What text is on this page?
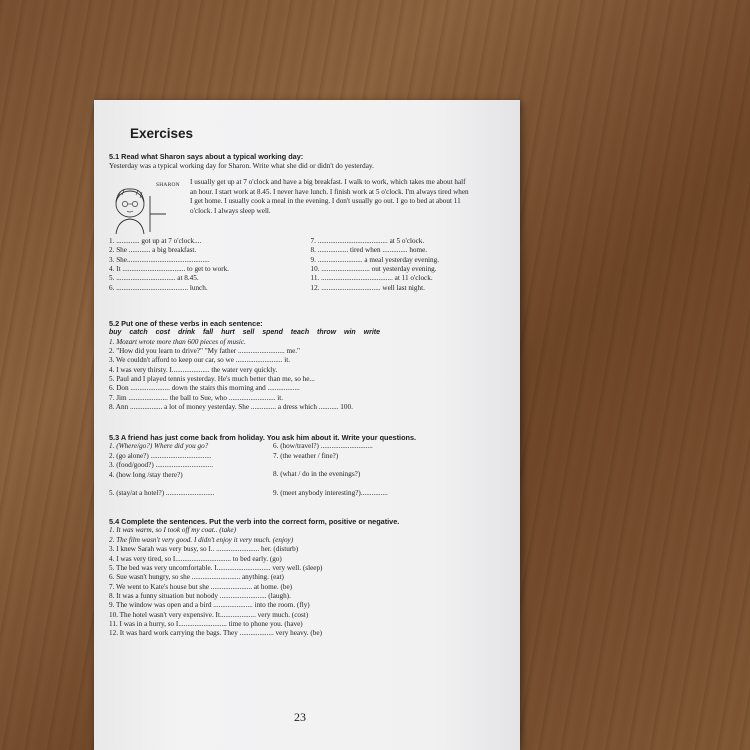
Exercises
5.1 Read what Sharon says about a typical working day:
Yesterday was a typical working day for Sharon. Write what she did or didn't do yesterday.
SHARON I usually get up at 7 o'clock and have a big breakfast. I walk to work, which takes me about half an hour. I start work at 8.45. I never have lunch. I finish work at 5 o'clock. I'm always tired when I get home. I usually cook a meal in the evening. I don't usually go out. I go to bed at about 11 o'clock. I always sleep well.
1. ............. got up at 7 o'clock....
2. She ............ a big breakfast.
3. She..............................................
4. It ................................... to get to work.
5. ................................. at 8.45.
6. ........................................ lunch.
7. ....................................... at 5 o'clock.
8. ................. tired when .............. home.
9. ......................... a meal yesterday evening.
10. ........................... out yesterday evening.
11. ........................................ at 11 o'clock.
12. ................................. well last night.
5.2 Put one of these verbs in each sentence:
buy catch cost drink fall hurt sell spend teach throw win write
1. Mozart wrote more than 600 pieces of music.
2. "How did you learn to drive?" "My father .......................... me."
3. We couldn't afford to keep our car, so we .......................... it.
4. I was very thirsty. I..................... the water very quickly.
5. Paul and I played tennis yesterday. He's much better than me, so he...
6. Don ...................... down the stairs this morning and ..................
7. Jim ...................... the ball to Sue, who .......................... it.
8. Ann .................. a lot of money yesterday. She .............. a dress which ........... 100.
5.3 A friend has just come back from holiday. You ask him about it. Write your questions.
1. (Where/go?) Where did you go?
2. (go alone?) ..................................
3. (food/good?) ................................
4. (how long /stay there?)
5. (stay/at a hotel?) ...........................
6. (how/travel?) .............................
7. (the weather / fine?)
8. (what / do in the evenings?)
9. (meet anybody interesting?)...............
5.4 Complete the sentences. Put the verb into the correct form, positive or negative.
1. It was warm, so I took off my coat.. (take)
2. The film wasn't very good. I didn't enjoy it very much. (enjoy)
3. I knew Sarah was very busy, so I.. ........................ her. (disturb)
4. I was very tired, so I............................... to bed early. (go)
5. The bed was very uncomfortable. I.............................. very well. (sleep)
6. Sue wasn't hungry, so she ........................... anything. (eat)
7. We went to Kate's house but she ....................... at home. (be)
8. It was a funny situation but nobody .......................... (laugh).
9. The window was open and a bird ...................... into the room. (fly)
10. The hotel wasn't very expensive. It.................... very much. (cost)
11. I was in a hurry, so I........................... time to phone you. (have)
12. It was hard work carrying the bags. They ................... very heavy. (be)
23
